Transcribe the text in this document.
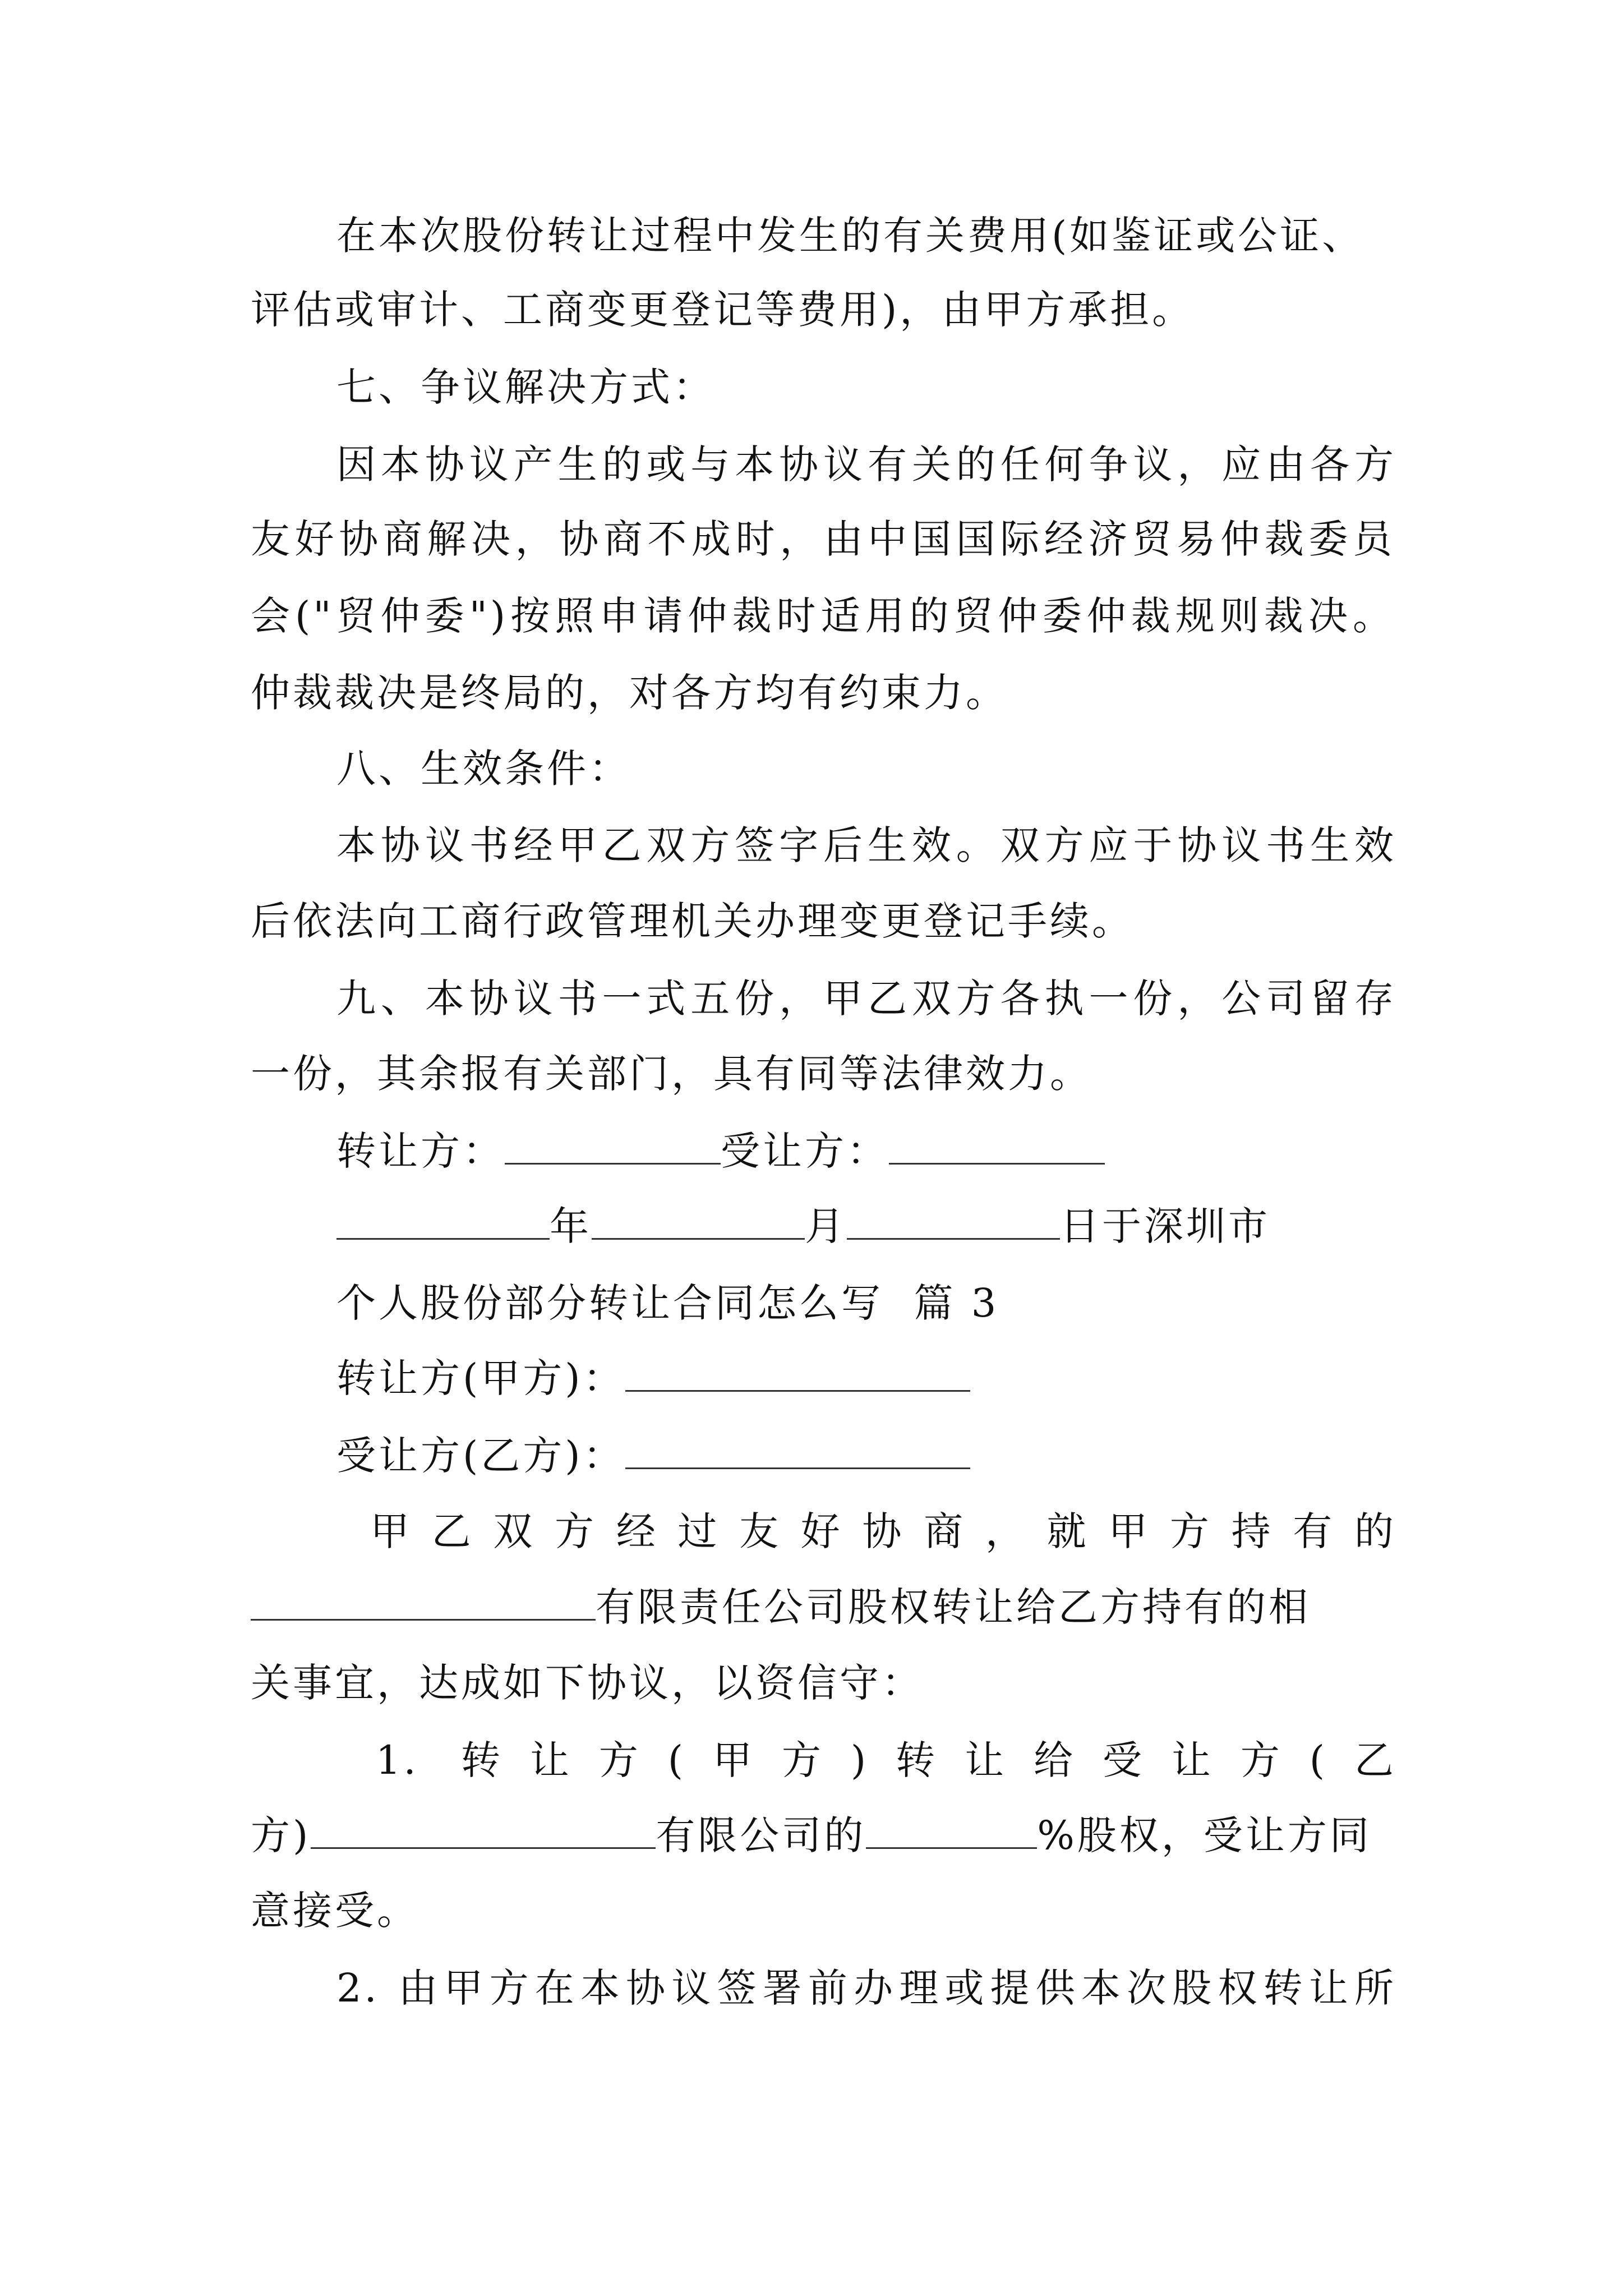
在本次股份转让过程中发生的有关费用(如鉴证或公证、
评估或审计、工商变更登记等费用)，由甲方承担。
七、争议解决方式：
因本协议产生的或与本协议有关的任何争议，应由各方
友好协商解决，协商不成时，由中国国际经济贸易仲裁委员
会("贸仲委")按照申请仲裁时适用的贸仲委仲裁规则裁决。
仲裁裁决是终局的，对各方均有约束力。
八、生效条件：
本协议书经甲乙双方签字后生效。双方应于协议书生效
后依法向工商行政管理机关办理变更登记手续。
九、本协议书一式五份，甲乙双方各执一份，公司留存
一份，其余报有关部门，具有同等法律效力。
转让方：	受让方：
年	月	日于深圳市
个人股份部分转让合同怎么写  篇 3
转让方(甲方)：
受让方(乙方)：
甲乙双方经过友好协商，就甲方持有的
有限责任公司股权转让给乙方持有的相
关事宜，达成如下协议，以资信守：
1. 转让方(甲方)转让给受让方(乙
方)	有限公司的	%股权，受让方同
意接受。
2. 由甲方在本协议签署前办理或提供本次股权转让所
